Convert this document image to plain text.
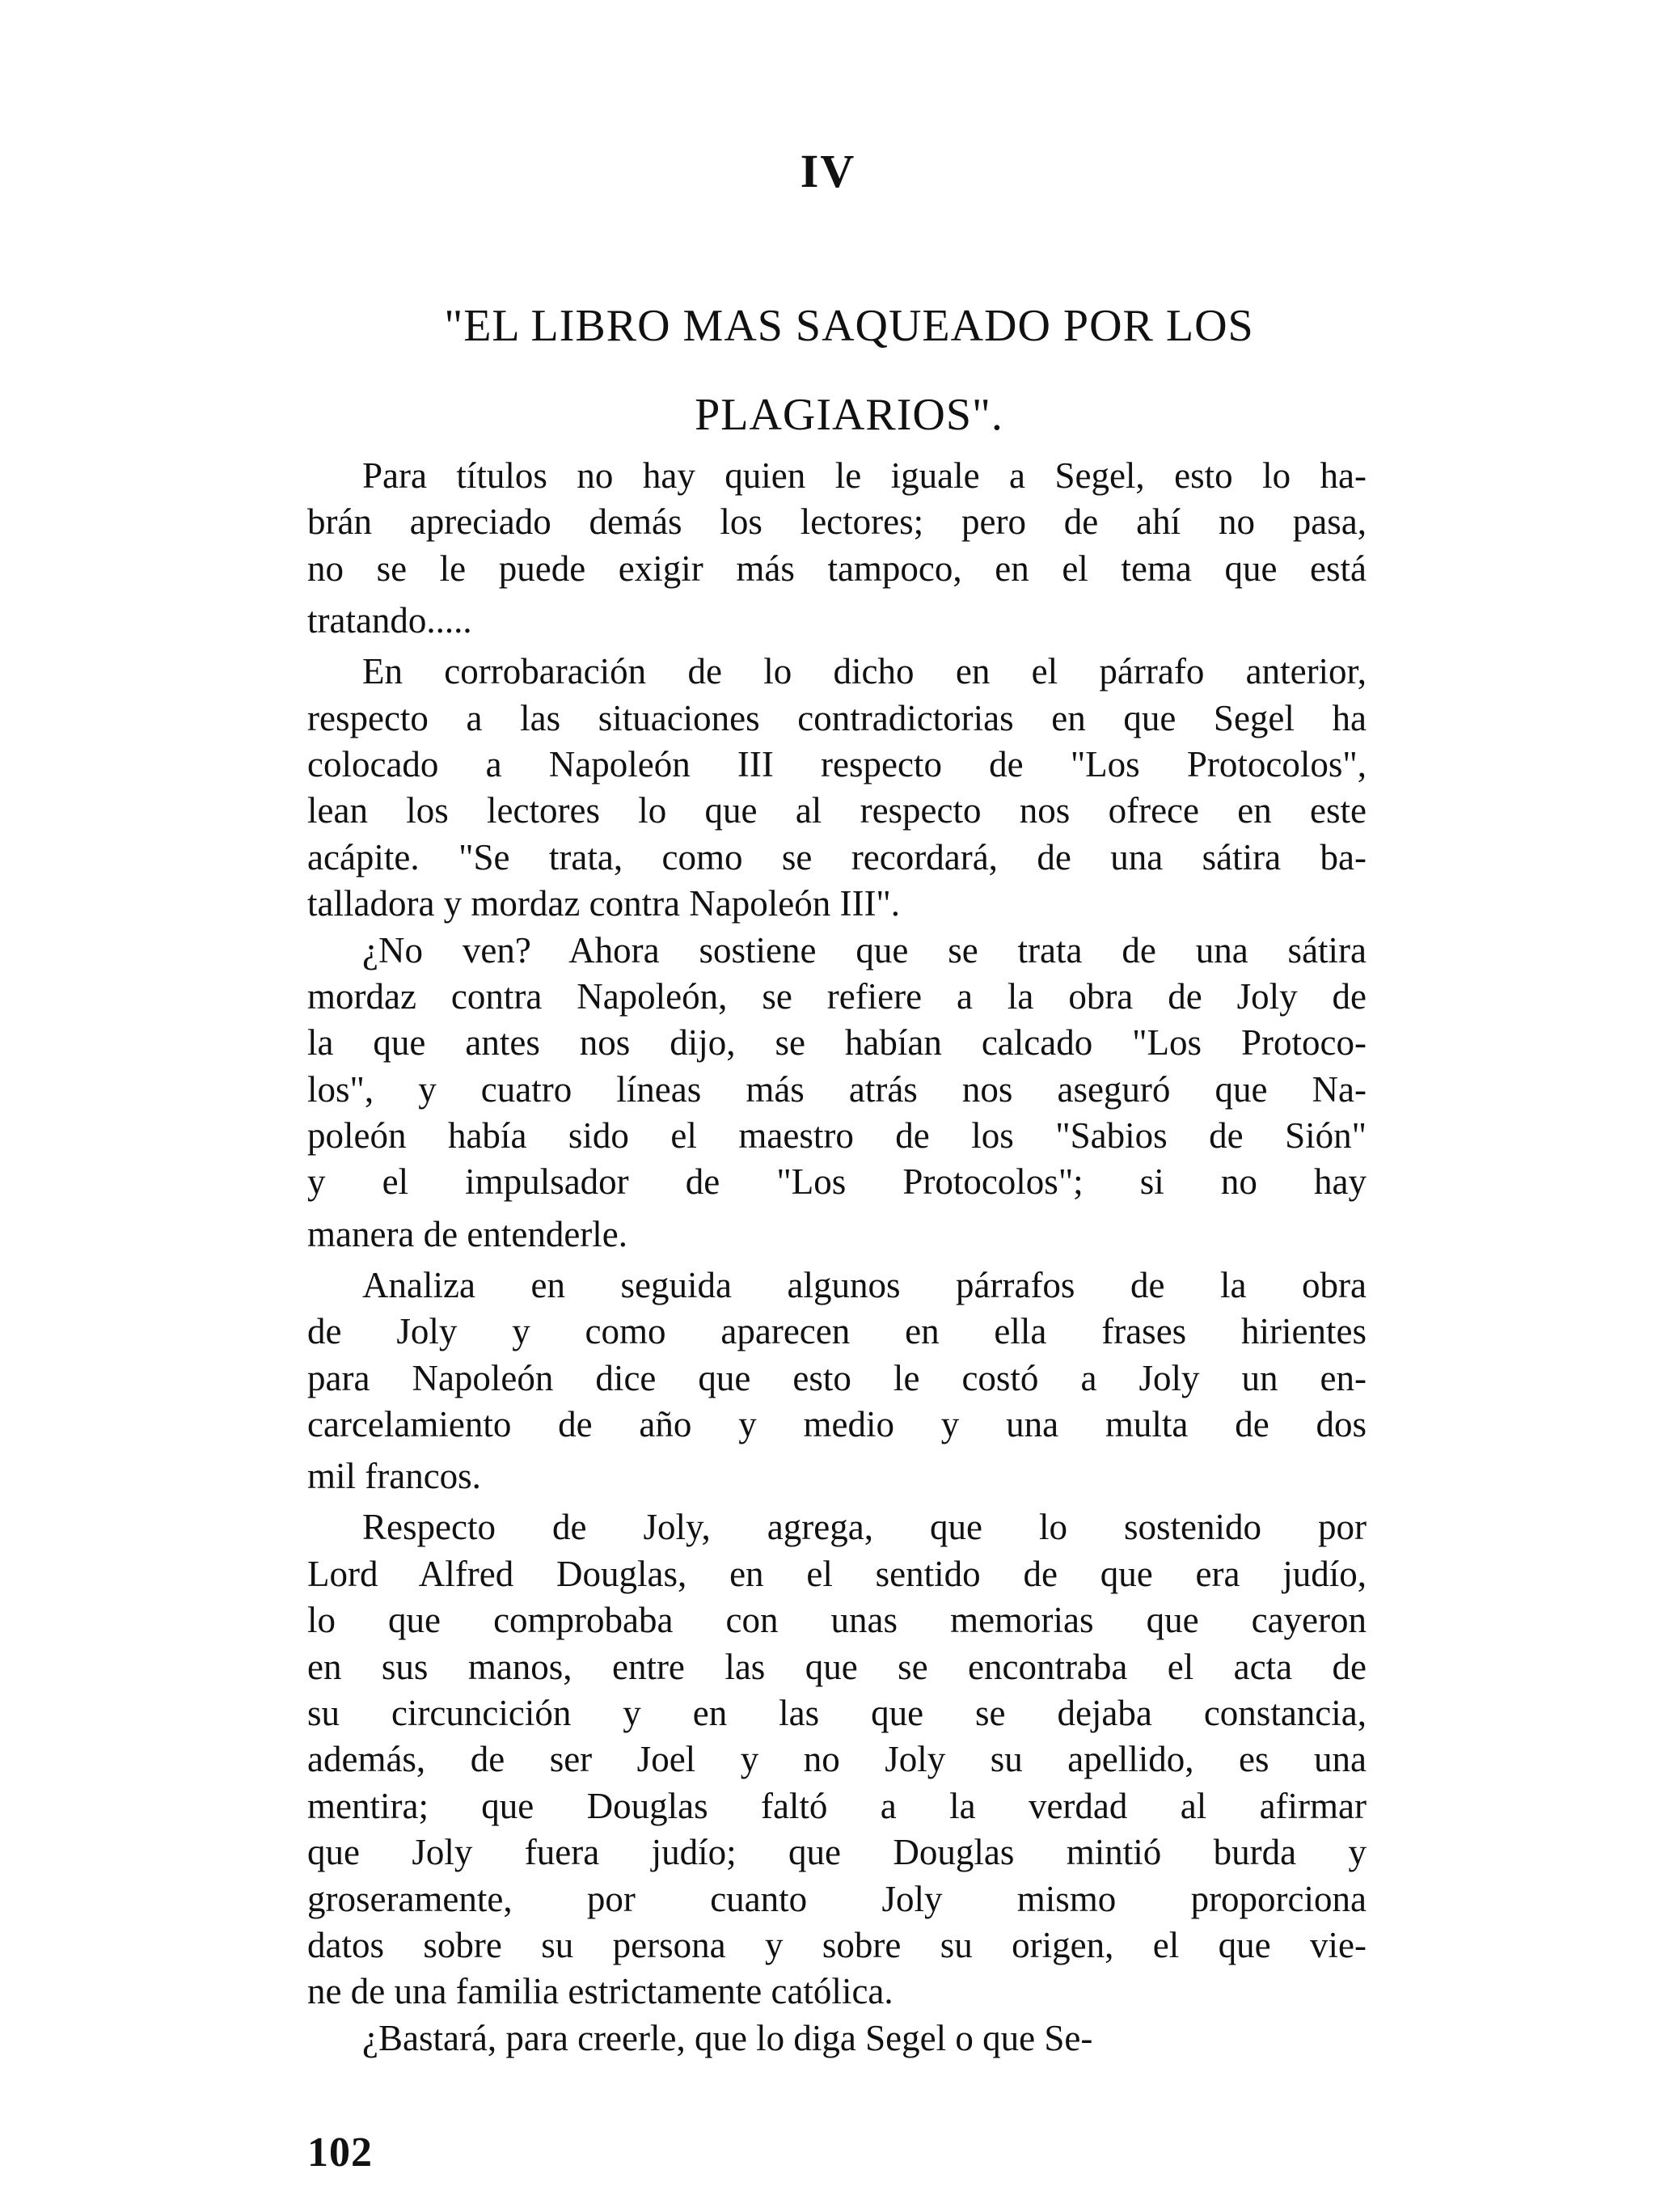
IV
"EL LIBRO MAS SAQUEADO POR LOS
PLAGIARIOS".
Para títulos no hay quien le iguale a Segel, esto lo ha-
brán apreciado demás los lectores; pero de ahí no pasa,
no se le puede exigir más tampoco, en el tema que está
tratando.....
En corrobaración de lo dicho en el párrafo anterior,
respecto a las situaciones contradictorias en que Segel ha
colocado a Napoleón III respecto de "Los Protocolos",
lean los lectores lo que al respecto nos ofrece en este
acápite. "Se trata, como se recordará, de una sátira ba-
talladora y mordaz contra Napoleón III".
¿No ven? Ahora sostiene que se trata de una sátira
mordaz contra Napoleón, se refiere a la obra de Joly de
la que antes nos dijo, se habían calcado "Los Protoco-
los", y cuatro líneas más atrás nos aseguró que Na-
poleón había sido el maestro de los "Sabios de Sión"
y el impulsador de "Los Protocolos"; si no hay
manera de entenderle.
Analiza en seguida algunos párrafos de la obra
de Joly y como aparecen en ella frases hirientes
para Napoleón dice que esto le costó a Joly un en-
carcelamiento de año y medio y una multa de dos
mil francos.
Respecto de Joly, agrega, que lo sostenido por
Lord Alfred Douglas, en el sentido de que era judío,
lo que comprobaba con unas memorias que cayeron
en sus manos, entre las que se encontraba el acta de
su circuncición y en las que se dejaba constancia,
además, de ser Joel y no Joly su apellido, es una
mentira; que Douglas faltó a la verdad al afirmar
que Joly fuera judío; que Douglas mintió burda y
groseramente, por cuanto Joly mismo proporciona
datos sobre su persona y sobre su origen, el que vie-
ne de una familia estrictamente católica.
¿Bastará, para creerle, que lo diga Segel o que Se-
102
